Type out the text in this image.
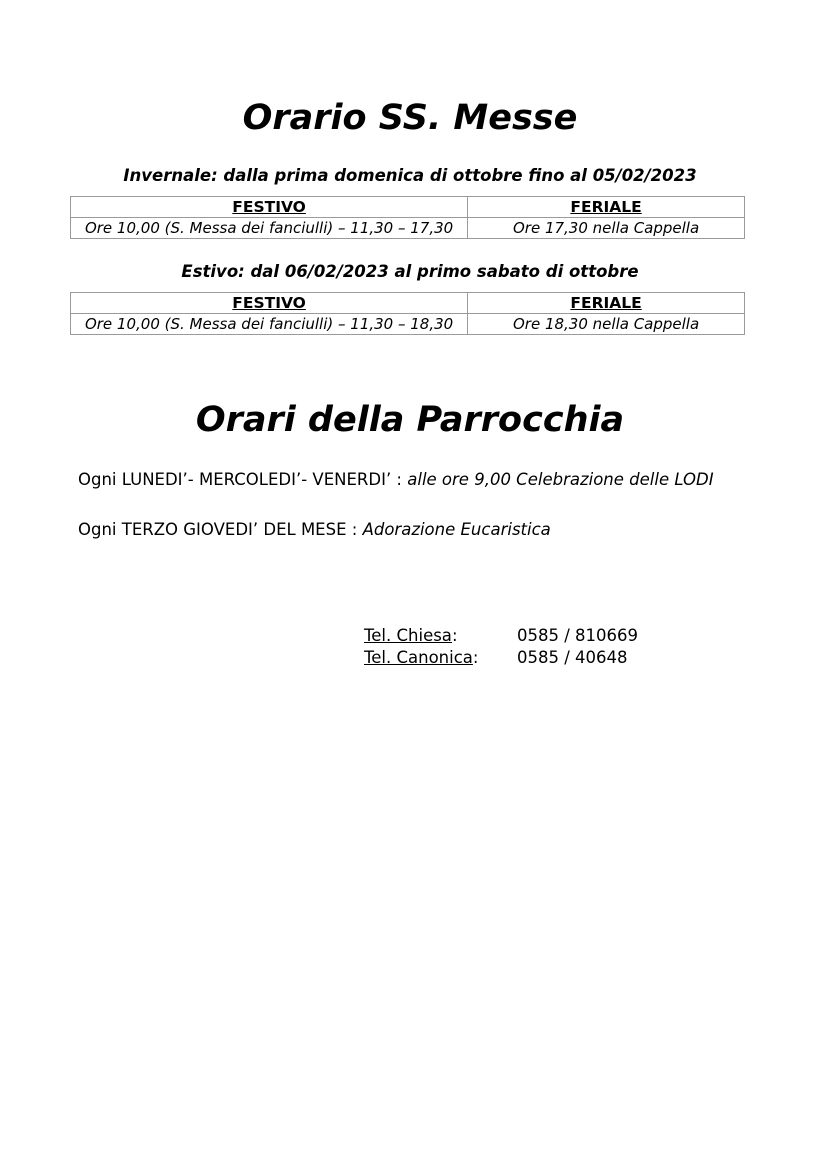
Orario SS. Messe

Invernale: dalla prima domenica di ottobre fino al 05/02/2023

FESTIVO	FERIALE
Ore 10,00 (S. Messa dei fanciulli) – 11,30 – 17,30	Ore 17,30 nella Cappella

Estivo: dal 06/02/2023 al primo sabato di ottobre

FESTIVO	FERIALE
Ore 10,00 (S. Messa dei fanciulli) – 11,30 – 18,30	Ore 18,30 nella Cappella
Orari della Parrocchia

Ogni LUNEDI’- MERCOLEDI’- VENERDI’ : alle ore 9,00 Celebrazione delle LODI

Ogni TERZO GIOVEDI’ DEL MESE : Adorazione Eucaristica

Tel. Chiesa:	0585 / 810669

Tel. Canonica: 0585 / 40648
